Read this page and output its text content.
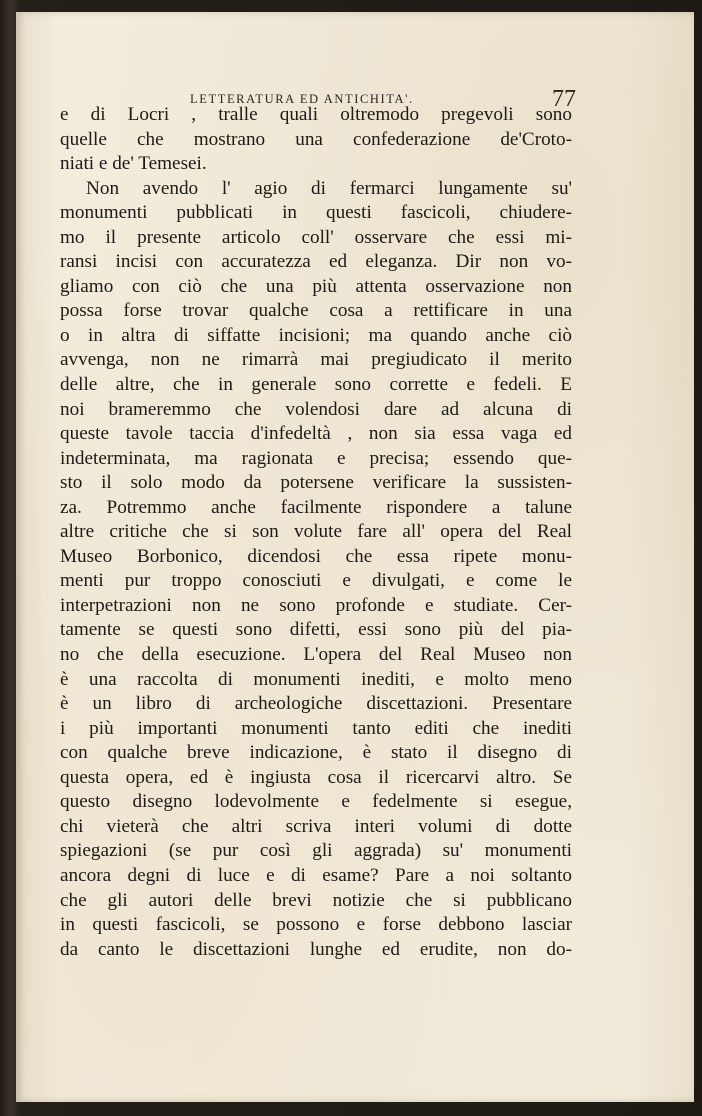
LETTERATURA ED ANTICHITA'.	77
e di Locri , tralle quali oltremodo pregevoli sono
quelle che mostrano una confederazione de'Croto-
niati e de' Temesei.
Non avendo l' agio di fermarci lungamente su'
monumenti pubblicati in questi fascicoli, chiudere-
mo il presente articolo coll' osservare che essi mi-
ransi incisi con accuratezza ed eleganza. Dir non vo-
gliamo con ciò che una più attenta osservazione non
possa forse trovar qualche cosa a rettificare in una
o in altra di siffatte incisioni; ma quando anche ciò
avvenga, non ne rimarrà mai pregiudicato il merito
delle altre, che in generale sono corrette e fedeli. E
noi brameremmo che volendosi dare ad alcuna di
queste tavole taccia d'infedeltà , non sia essa vaga ed
indeterminata, ma ragionata e precisa; essendo que-
sto il solo modo da potersene verificare la sussisten-
za. Potremmo anche facilmente rispondere a talune
altre critiche che si son volute fare all' opera del Real
Museo Borbonico, dicendosi che essa ripete monu-
menti pur troppo conosciuti e divulgati, e come le
interpetrazioni non ne sono profonde e studiate. Cer-
tamente se questi sono difetti, essi sono più del pia-
no che della esecuzione. L'opera del Real Museo non
è una raccolta di monumenti inediti, e molto meno
è un libro di archeologiche discettazioni. Presentare
i più importanti monumenti tanto editi che inediti
con qualche breve indicazione, è stato il disegno di
questa opera, ed è ingiusta cosa il ricercarvi altro. Se
questo disegno lodevolmente e fedelmente si esegue,
chi vieterà che altri scriva interi volumi di dotte
spiegazioni (se pur così gli aggrada) su' monumenti
ancora degni di luce e di esame? Pare a noi soltanto
che gli autori delle brevi notizie che si pubblicano
in questi fascicoli, se possono e forse debbono lasciar
da canto le discettazioni lunghe ed erudite, non do-
